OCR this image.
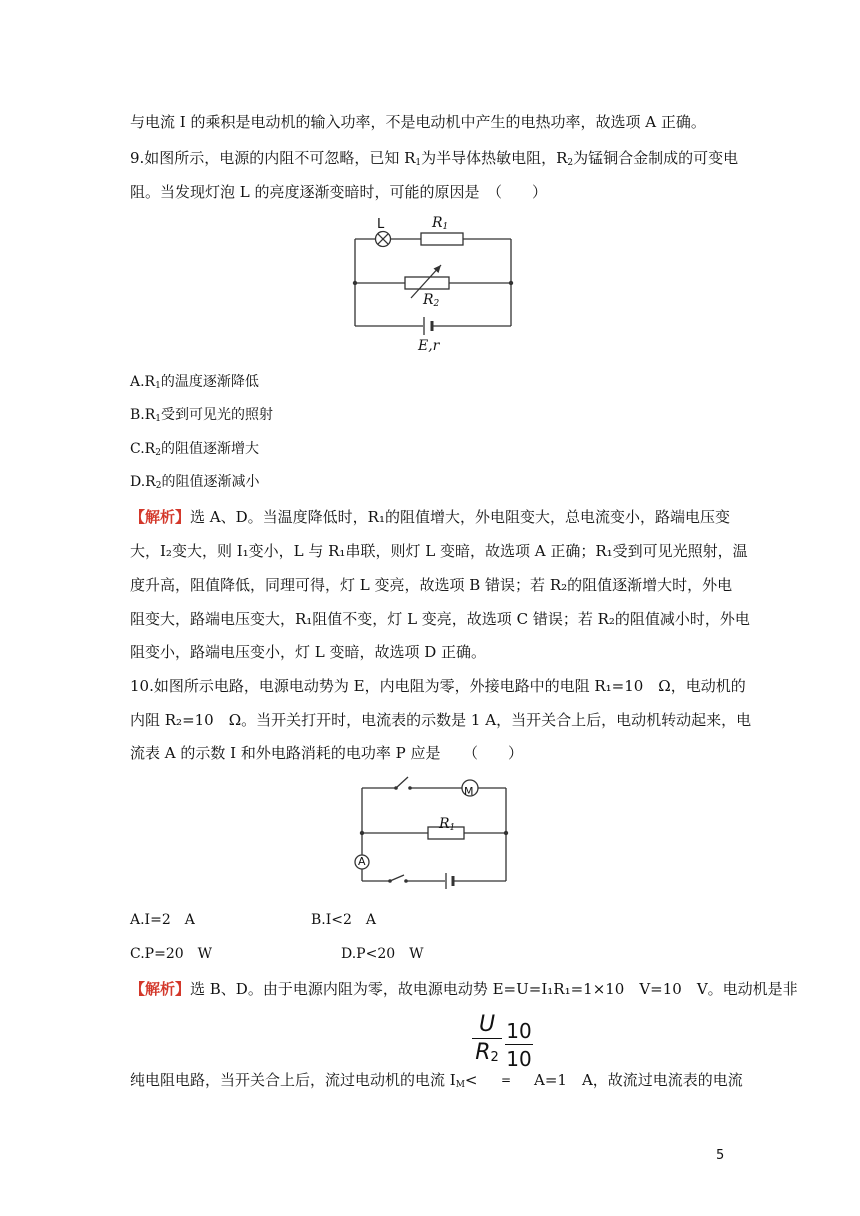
与电流 I 的乘积是电动机的输入功率，不是电动机中产生的电热功率，故选项 A 正确。
9.如图所示，电源的内阻不可忽略，已知 $R_1$为半导体热敏电阻，$R_2$为锰铜合金制成的可变电
阻。当发现灯泡 L 的亮度逐渐变暗时，可能的原因是　（　　）
L	$R_1$
$R_2$
E,r
$A.R_1$的温度逐渐降低
$B.R_1$受到可见光的照射
$C.R_2$的阻值逐渐增大
$D.R_2$的阻值逐渐减小
【解析】选 A、D。当温度降低时，R₁的阻值增大，外电阻变大，总电流变小，路端电压变
大，I₂变大，则 I₁变小，L 与 R₁串联，则灯 L 变暗，故选项 A 正确；R₁受到可见光照射，温
度升高，阻值降低，同理可得，灯 L 变亮，故选项 B 错误；若 R₂的阻值逐渐增大时，外电
阻变大，路端电压变大，R₁阻值不变，灯 L 变亮，故选项 C 错误；若 R₂的阻值减小时，外电
阻变小，路端电压变小，灯 L 变暗，故选项 D 正确。
10.如图所示电路，电源电动势为 E，内电阻为零，外接电路中的电阻 R₁=10　Ω，电动机的
内阻 R₂=10　Ω。当开关打开时，电流表的示数是 1 A，当开关合上后，电动机转动起来，电
流表 A 的示数 I 和外电路消耗的电功率 P 应是　　（　　）
M
$R_1$
A
A.I=2　A	B.I<2　A
C.P=20　W	D.P<20　W
【解析】选 B、D。由于电源内阻为零，故电源电动势 E=U=I₁R₁=1×10　V=10　V。电动机是非
U
$R_2$
=
10
10
纯电阻电路，当开关合上后，流过电动机的电流 $I_M<$	A=1　A，故流过电流表的电流
5
